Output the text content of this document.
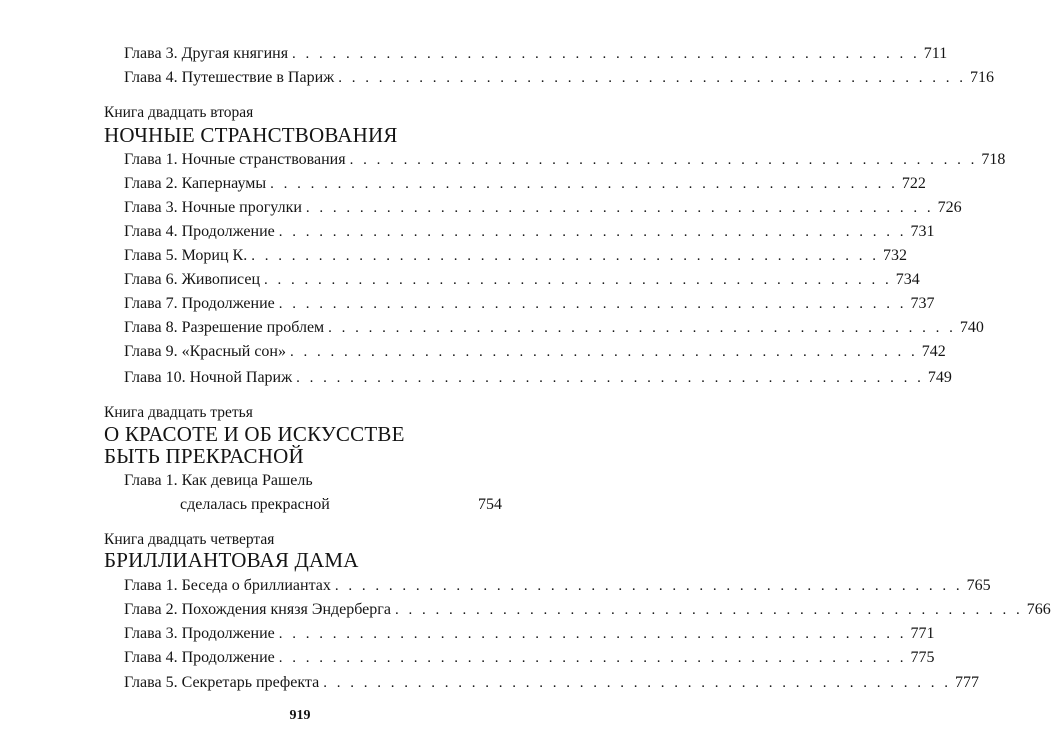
Глава 3. Другая княгиня . . . . . . . . . . . . . . . . . . . . . . . . . . . . . . . . . . . . . . . . . . . . . . . 711
Глава 4. Путешествие в Париж . . . . . . . . . . . . . . . . . . . . . . . . . . . . . . . . . . . . . . . . . . . . . . . 716
Книга двадцать вторая
НОЧНЫЕ СТРАНСТВОВАНИЯ
Глава 1. Ночные странствования . . . . . . . . . . . . . . . . . . . . . . . . . . . . . . . . . . . . . . . . . . . . . . . 718
Глава 2. Капернаумы . . . . . . . . . . . . . . . . . . . . . . . . . . . . . . . . . . . . . . . . . . . . . . . 722
Глава 3. Ночные прогулки . . . . . . . . . . . . . . . . . . . . . . . . . . . . . . . . . . . . . . . . . . . . . . . 726
Глава 4. Продолжение . . . . . . . . . . . . . . . . . . . . . . . . . . . . . . . . . . . . . . . . . . . . . . . 731
Глава 5. Мориц К. . . . . . . . . . . . . . . . . . . . . . . . . . . . . . . . . . . . . . . . . . . . . . . . 732
Глава 6. Живописец . . . . . . . . . . . . . . . . . . . . . . . . . . . . . . . . . . . . . . . . . . . . . . . 734
Глава 7. Продолжение . . . . . . . . . . . . . . . . . . . . . . . . . . . . . . . . . . . . . . . . . . . . . . . 737
Глава 8. Разрешение проблем . . . . . . . . . . . . . . . . . . . . . . . . . . . . . . . . . . . . . . . . . . . . . . . 740
Глава 9. «Красный сон» . . . . . . . . . . . . . . . . . . . . . . . . . . . . . . . . . . . . . . . . . . . . . . . 742
Глава 10. Ночной Париж . . . . . . . . . . . . . . . . . . . . . . . . . . . . . . . . . . . . . . . . . . . . . . . 749
Книга двадцать третья
О КРАСОТЕ И ОБ ИСКУССТВЕ
БЫТЬ ПРЕКРАСНОЙ
Глава 1. Как девица Рашель
сделалась прекрасной	754
Книга двадцать четвертая
БРИЛЛИАНТОВАЯ ДАМА
Глава 1. Беседа о бриллиантах . . . . . . . . . . . . . . . . . . . . . . . . . . . . . . . . . . . . . . . . . . . . . . . 765
Глава 2. Похождения князя Эндерберга . . . . . . . . . . . . . . . . . . . . . . . . . . . . . . . . . . . . . . . . . . . . . . . 766
Глава 3. Продолжение . . . . . . . . . . . . . . . . . . . . . . . . . . . . . . . . . . . . . . . . . . . . . . . 771
Глава 4. Продолжение . . . . . . . . . . . . . . . . . . . . . . . . . . . . . . . . . . . . . . . . . . . . . . . 775
Глава 5. Секретарь префекта . . . . . . . . . . . . . . . . . . . . . . . . . . . . . . . . . . . . . . . . . . . . . . . 777
919
